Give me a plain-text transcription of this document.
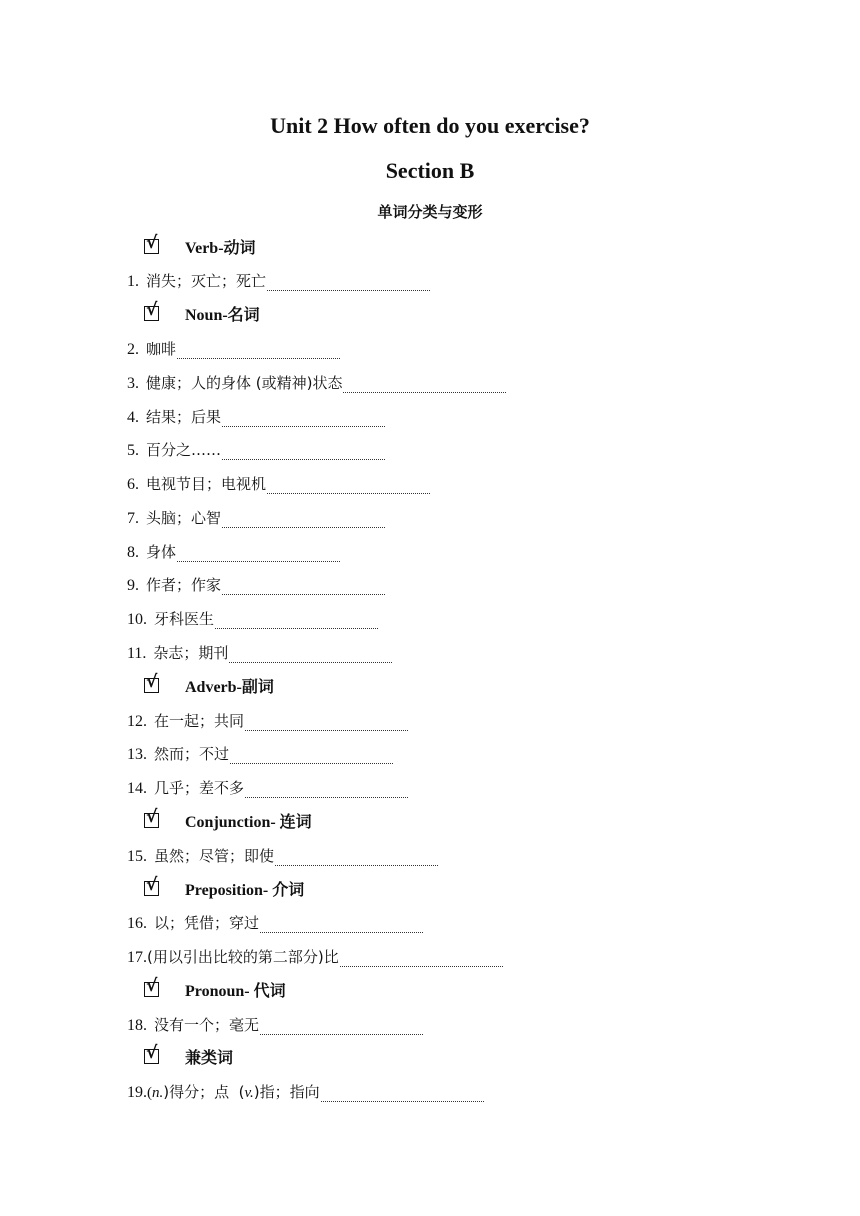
Unit 2 How often do you exercise?
Section B
单词分类与变形
√ Verb-动词
1. 消失；灭亡；死亡
√ Noun-名词
2. 咖啡
3. 健康；人的身体 (或精神)状态
4. 结果；后果
5. 百分之……
6. 电视节目；电视机
7. 头脑；心智
8. 身体
9. 作者；作家
10. 牙科医生
11. 杂志；期刊
√ Adverb-副词
12. 在一起；共同
13. 然而；不过
14. 几乎；差不多
√ Conjunction- 连词
15. 虽然；尽管；即使
√ Preposition- 介词
16. 以；凭借；穿过
17. (用以引出比较的第二部分)比
√ Pronoun- 代词
18. 没有一个；毫无
√ 兼类词
19. ( n. )得分；点  ( v. )指；指向
